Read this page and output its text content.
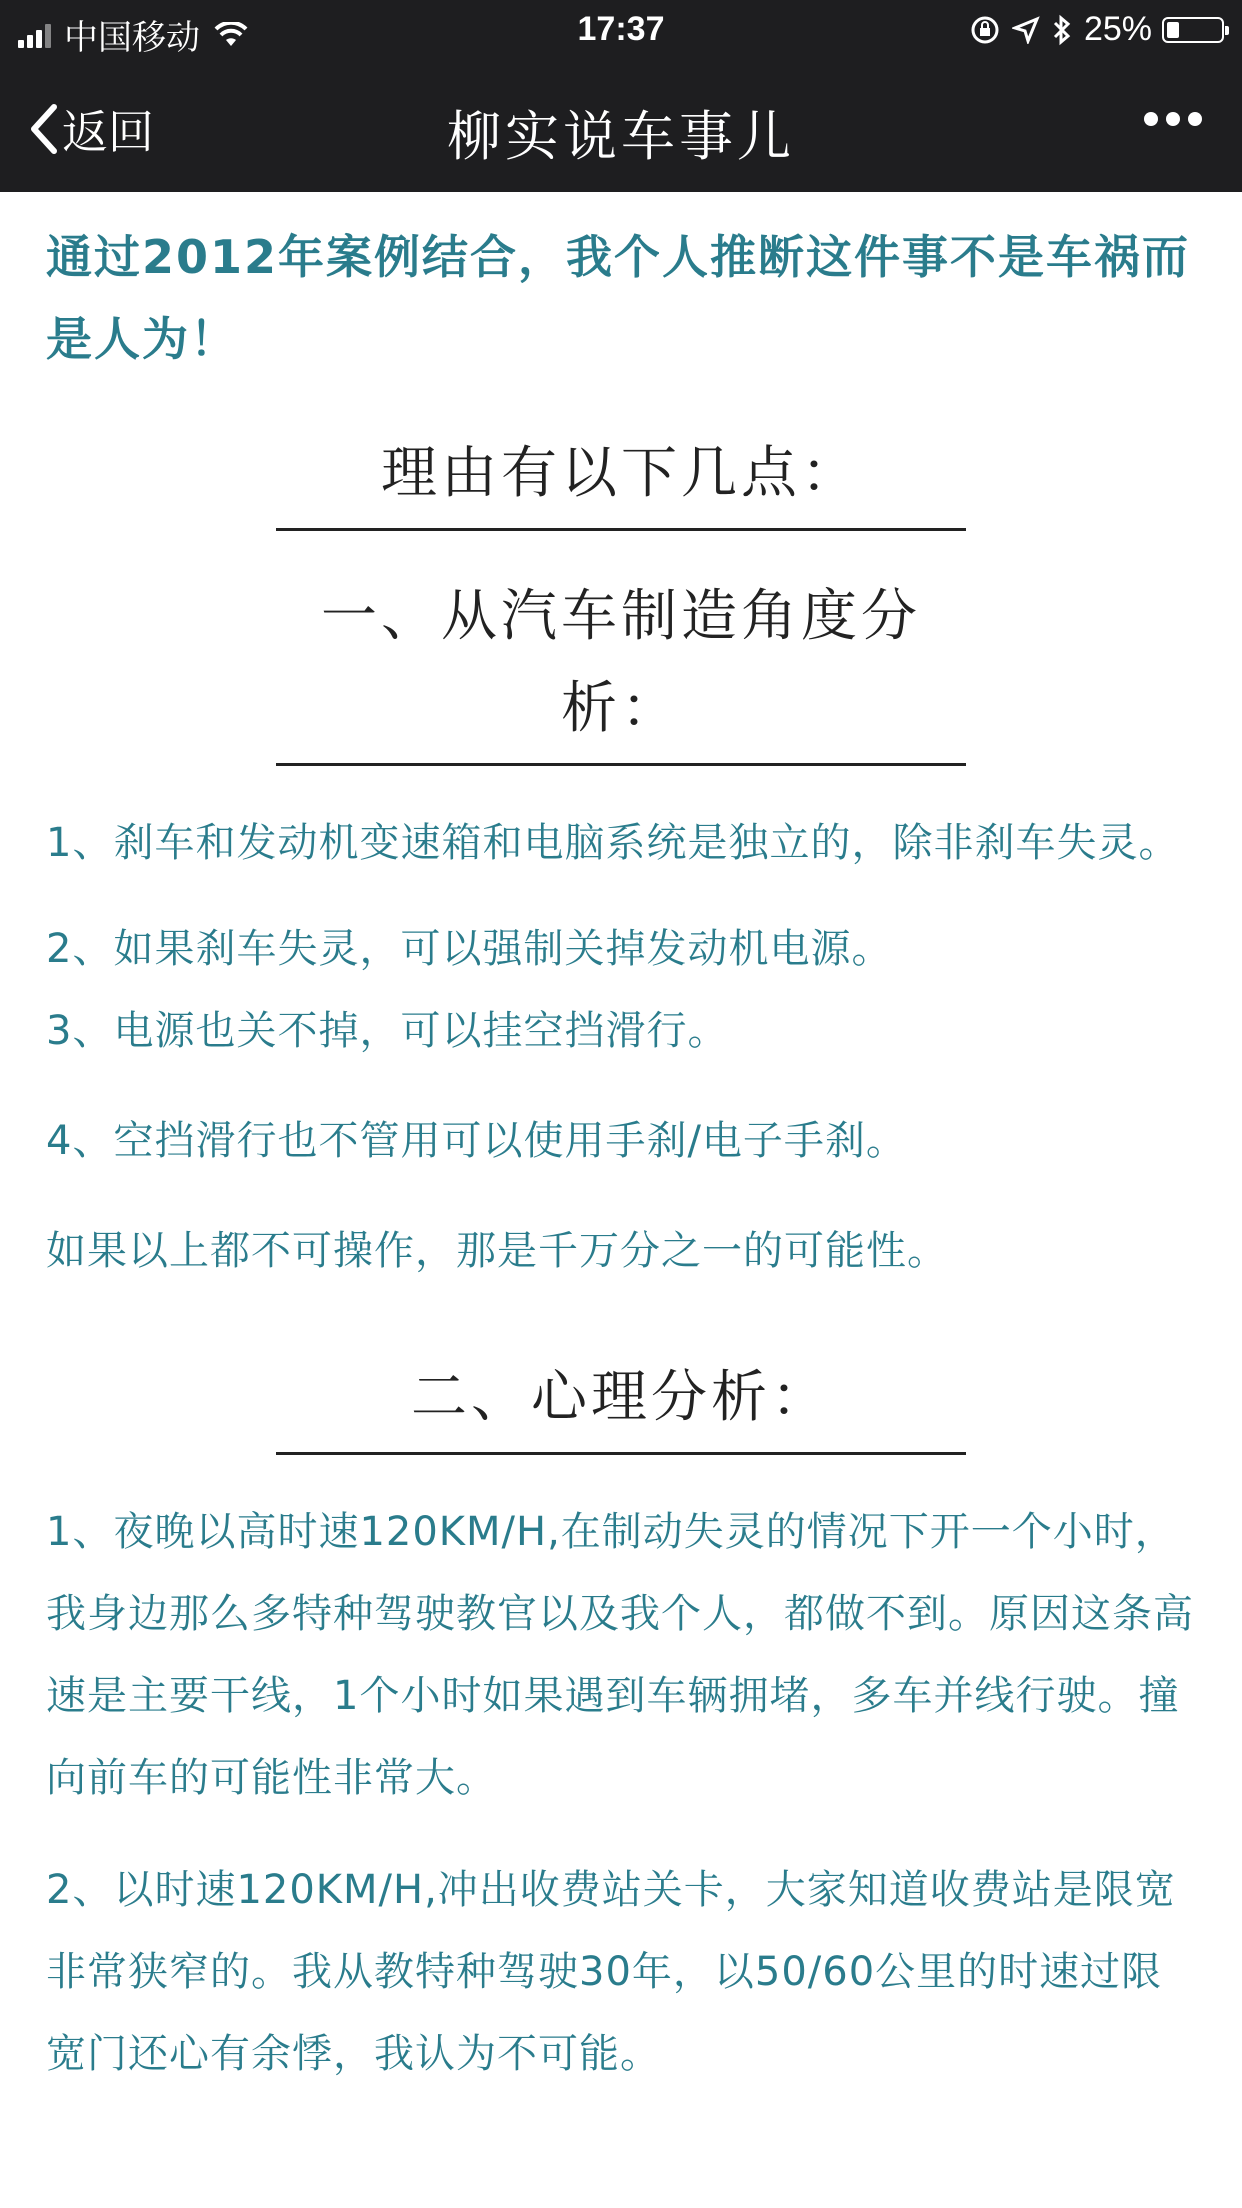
中国移动	17:37	25%
返回	柳实说车事儿

通过2012年案例结合，我个人推断这件事不是车祸而是人为！

理由有以下几点：
一、从汽车制造角度分析：

1、刹车和发动机变速箱和电脑系统是独立的，除非刹车失灵。

2、如果刹车失灵，可以强制关掉发动机电源。

3、电源也关不掉，可以挂空挡滑行。

4、空挡滑行也不管用可以使用手刹/电子手刹。

如果以上都不可操作，那是千万分之一的可能性。

二、心理分析：

1、夜晚以高时速120KM/H,在制动失灵的情况下开一个小时，我身边那么多特种驾驶教官以及我个人，都做不到。原因这条高速是主要干线，1个小时如果遇到车辆拥堵，多车并线行驶。撞向前车的可能性非常大。

2、以时速120KM/H,冲出收费站关卡，大家知道收费站是限宽非常狭窄的。我从教特种驾驶30年，以50/60公里的时速过限宽门还心有余悸，我认为不可能。
